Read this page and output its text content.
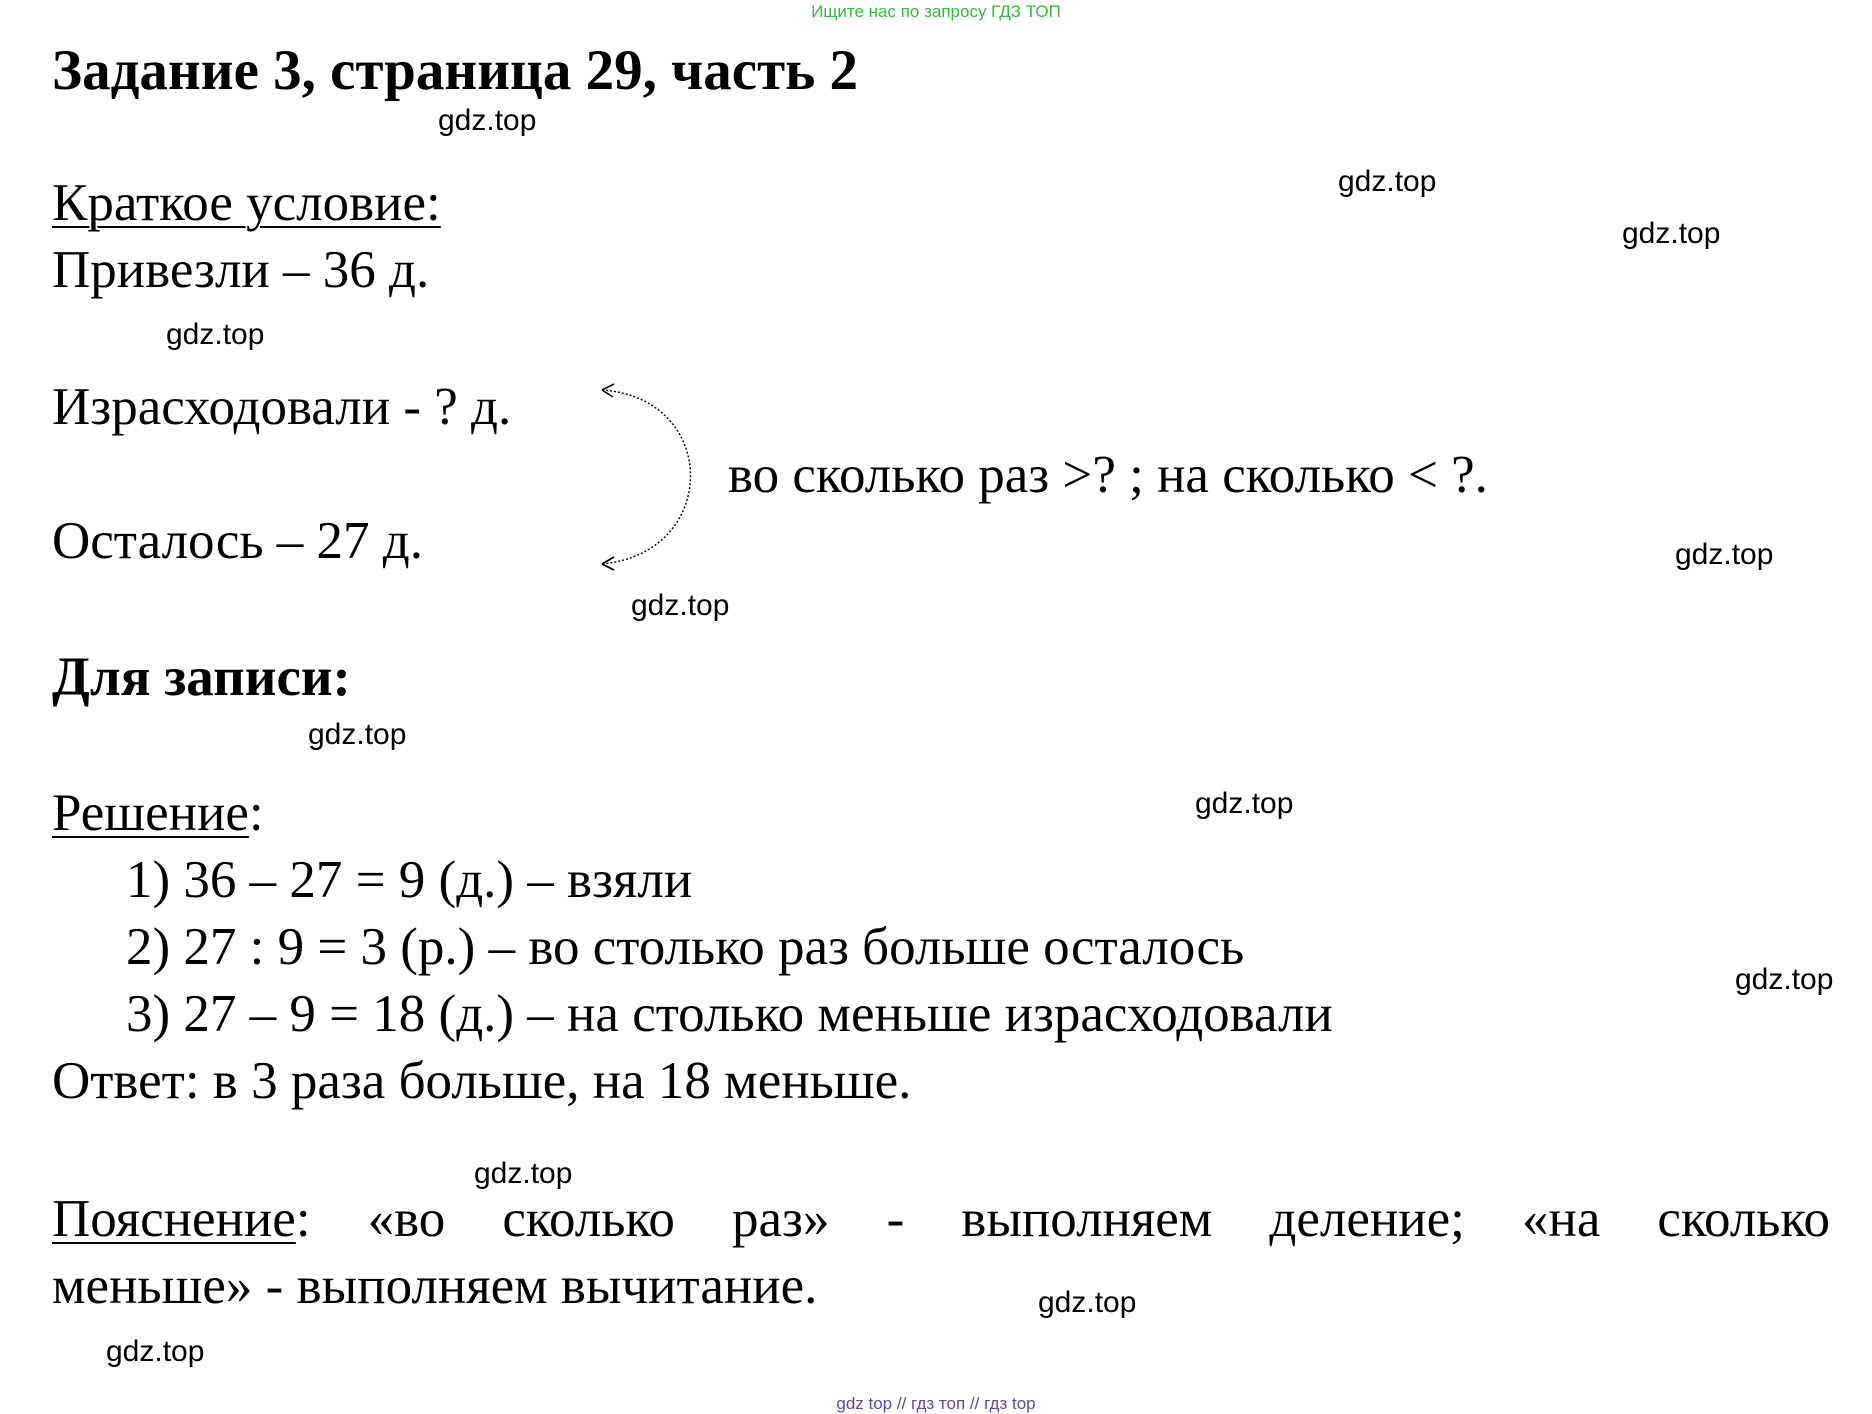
Ищите нас по запросу ГДЗ ТОП
Задание 3, страница 29, часть 2
Краткое условие:
Привезли – 36 д.
Израсходовали - ? д.
Осталось – 27 д.
во сколько раз >? ; на сколько < ?.
Для записи:
Решение:
1) 36 – 27 = 9 (д.) – взяли
2) 27 : 9 = 3 (р.) – во столько раз больше осталось
3) 27 – 9 = 18 (д.) – на столько меньше израсходовали
Ответ: в 3 раза больше, на 18 меньше.
Пояснение: «во сколько раз» - выполняем деление; «на сколько
меньше» - выполняем вычитание.
gdz.top
gdz.top
gdz.top
gdz.top
gdz.top
gdz.top
gdz.top
gdz.top
gdz.top
gdz.top
gdz.top
gdz.top
gdz top // гдз топ // гдз top
